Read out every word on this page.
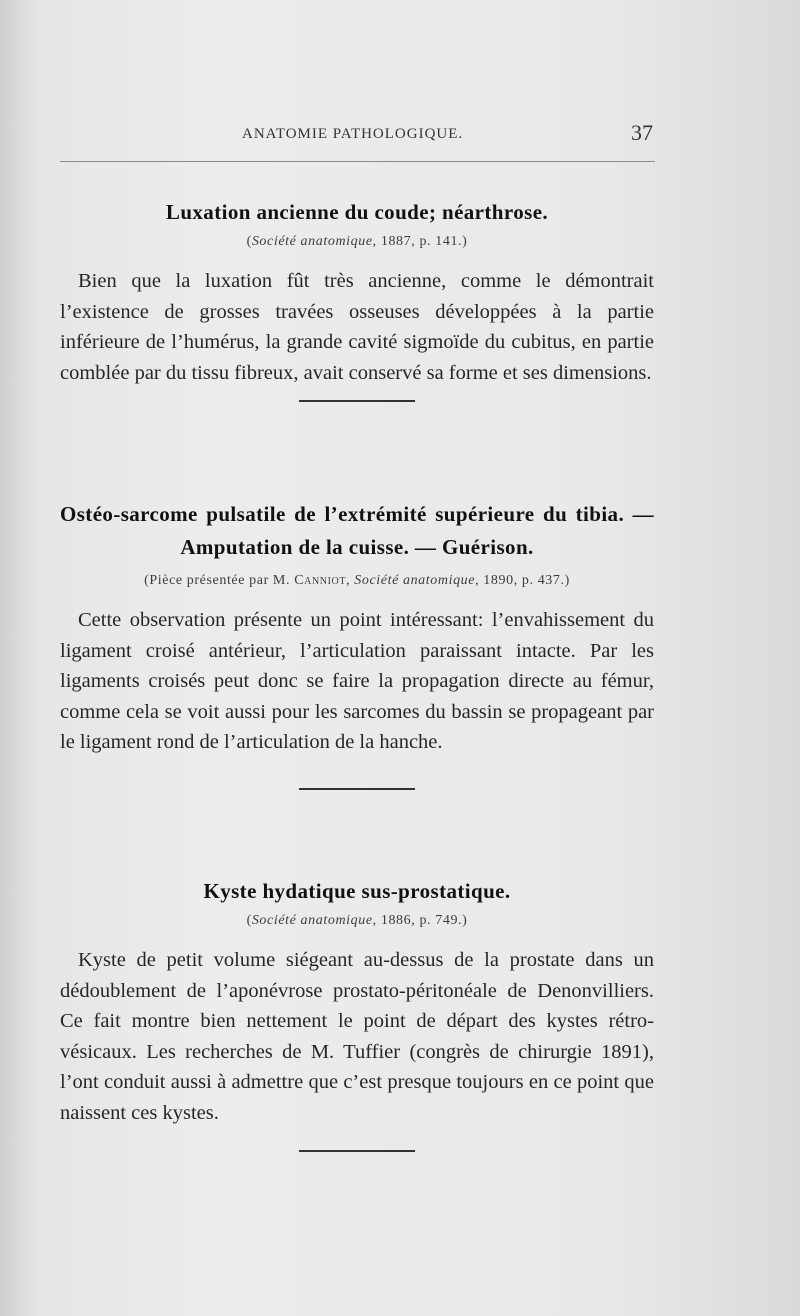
ANATOMIE PATHOLOGIQUE.	37
Luxation ancienne du coude; néarthrose.
(Société anatomique, 1887, p. 141.)

Bien que la luxation fût très ancienne, comme le démontrait l’existence de grosses travées osseuses développées à la partie inférieure de l’humérus, la grande cavité sigmoïde du cubitus, en partie comblée par du tissu fibreux, avait conservé sa forme et ses dimensions.

Ostéo-sarcome pulsatile de l’extrémité supérieure du tibia. — Amputation de la cuisse. — Guérison.
(Pièce présentée par M. Canniot, Société anatomique, 1890, p. 437.)

Cette observation présente un point intéressant: l’envahissement du ligament croisé antérieur, l’articulation paraissant intacte. Par les ligaments croisés peut donc se faire la propagation directe au fémur, comme cela se voit aussi pour les sarcomes du bassin se propageant par le ligament rond de l’articulation de la hanche.

Kyste hydatique sus-prostatique.
(Société anatomique, 1886, p. 749.)

Kyste de petit volume siégeant au-dessus de la prostate dans un dédoublement de l’aponévrose prostato-péritonéale de Denonvilliers. Ce fait montre bien nettement le point de départ des kystes rétro-vésicaux. Les recherches de M. Tuffier (congrès de chirurgie 1891), l’ont conduit aussi à admettre que c’est presque toujours en ce point que naissent ces kystes.
